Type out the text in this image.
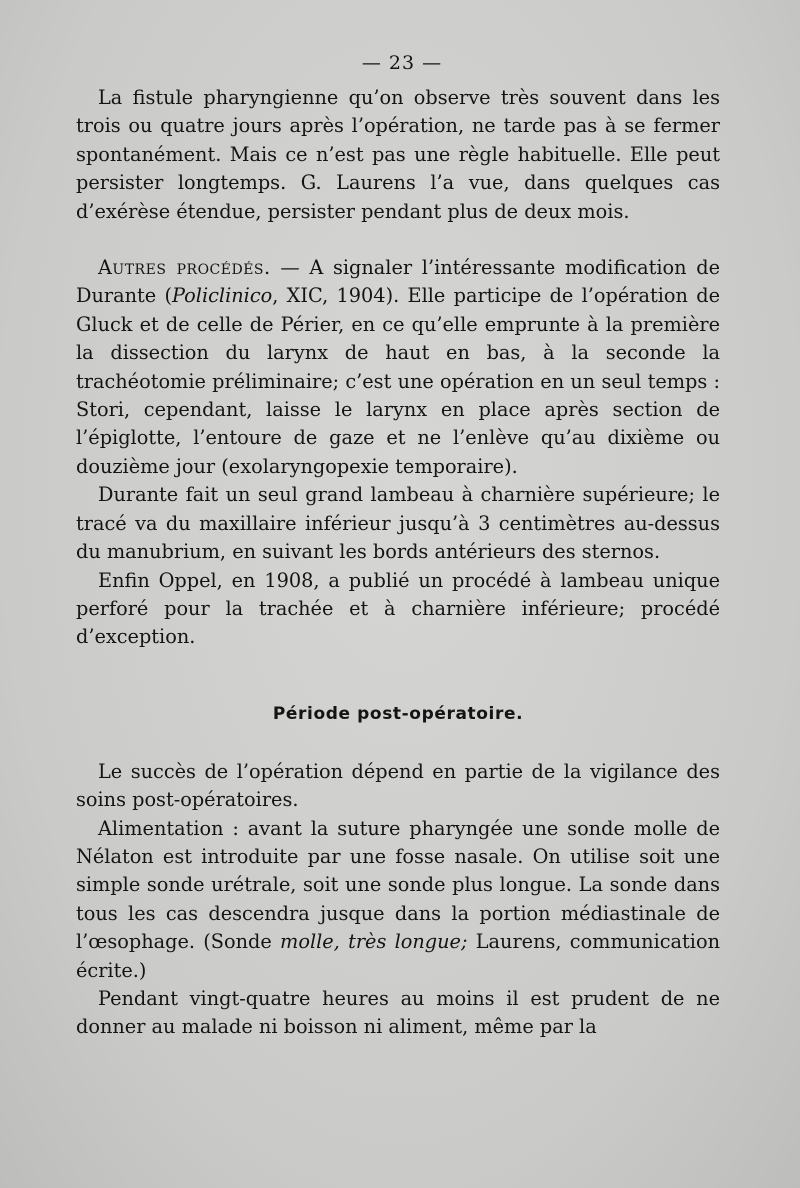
— 23 —

La fistule pharyngienne qu’on observe très souvent dans les trois ou quatre jours après l’opération, ne tarde pas à se fermer spontanément. Mais ce n’est pas une règle habituelle. Elle peut persister longtemps. G. Laurens l’a vue, dans quelques cas d’exérèse étendue, persister pendant plus de deux mois.

Autres procédés. — A signaler l’intéressante modification de Durante (Policlinico, XIC, 1904). Elle participe de l’opération de Gluck et de celle de Périer, en ce qu’elle emprunte à la première la dissection du larynx de haut en bas, à la seconde la trachéotomie préliminaire; c’est une opération en un seul temps : Stori, cependant, laisse le larynx en place après section de l’épiglotte, l’entoure de gaze et ne l’enlève qu’au dixième ou douzième jour (exolaryngopexie temporaire).

Durante fait un seul grand lambeau à charnière supérieure; le tracé va du maxillaire inférieur jusqu’à 3 centimètres au-dessus du manubrium, en suivant les bords antérieurs des sternos.

Enfin Oppel, en 1908, a publié un procédé à lambeau unique perforé pour la trachée et à charnière inférieure; procédé d’exception.

Période post-opératoire.

Le succès de l’opération dépend en partie de la vigilance des soins post-opératoires.

Alimentation : avant la suture pharyngée une sonde molle de Nélaton est introduite par une fosse nasale. On utilise soit une simple sonde urétrale, soit une sonde plus longue. La sonde dans tous les cas descendra jusque dans la portion médiastinale de l’œsophage. (Sonde molle, très longue; Laurens, communication écrite.)

Pendant vingt-quatre heures au moins il est prudent de ne donner au malade ni boisson ni aliment, même par la
